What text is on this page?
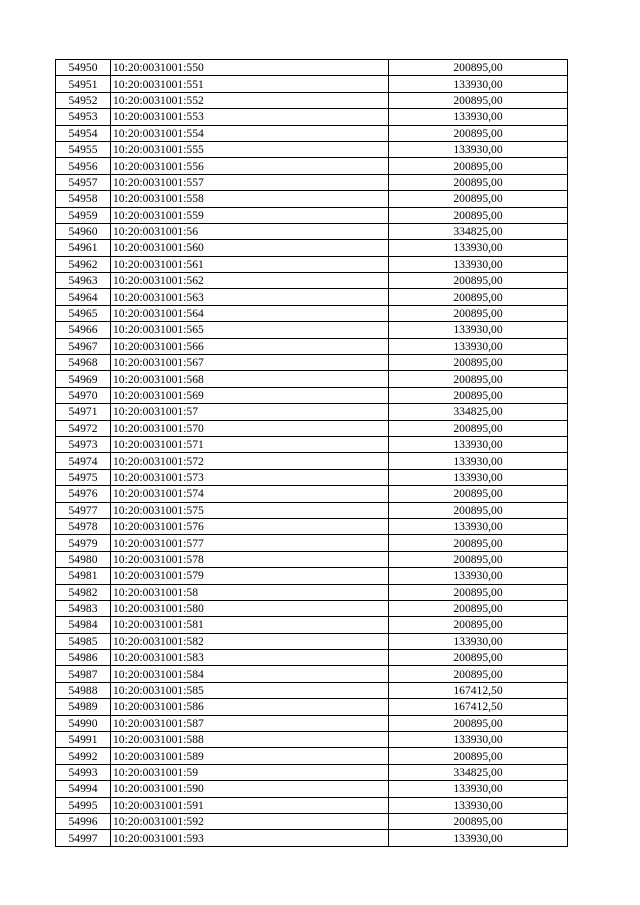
54950	10:20:0031001:550	200895,00
54951	10:20:0031001:551	133930,00
54952	10:20:0031001:552	200895,00
54953	10:20:0031001:553	133930,00
54954	10:20:0031001:554	200895,00
54955	10:20:0031001:555	133930,00
54956	10:20:0031001:556	200895,00
54957	10:20:0031001:557	200895,00
54958	10:20:0031001:558	200895,00
54959	10:20:0031001:559	200895,00
54960	10:20:0031001:56	334825,00
54961	10:20:0031001:560	133930,00
54962	10:20:0031001:561	133930,00
54963	10:20:0031001:562	200895,00
54964	10:20:0031001:563	200895,00
54965	10:20:0031001:564	200895,00
54966	10:20:0031001:565	133930,00
54967	10:20:0031001:566	133930,00
54968	10:20:0031001:567	200895,00
54969	10:20:0031001:568	200895,00
54970	10:20:0031001:569	200895,00
54971	10:20:0031001:57	334825,00
54972	10:20:0031001:570	200895,00
54973	10:20:0031001:571	133930,00
54974	10:20:0031001:572	133930,00
54975	10:20:0031001:573	133930,00
54976	10:20:0031001:574	200895,00
54977	10:20:0031001:575	200895,00
54978	10:20:0031001:576	133930,00
54979	10:20:0031001:577	200895,00
54980	10:20:0031001:578	200895,00
54981	10:20:0031001:579	133930,00
54982	10:20:0031001:58	200895,00
54983	10:20:0031001:580	200895,00
54984	10:20:0031001:581	200895,00
54985	10:20:0031001:582	133930,00
54986	10:20:0031001:583	200895,00
54987	10:20:0031001:584	200895,00
54988	10:20:0031001:585	167412,50
54989	10:20:0031001:586	167412,50
54990	10:20:0031001:587	200895,00
54991	10:20:0031001:588	133930,00
54992	10:20:0031001:589	200895,00
54993	10:20:0031001:59	334825,00
54994	10:20:0031001:590	133930,00
54995	10:20:0031001:591	133930,00
54996	10:20:0031001:592	200895,00
54997	10:20:0031001:593	133930,00
